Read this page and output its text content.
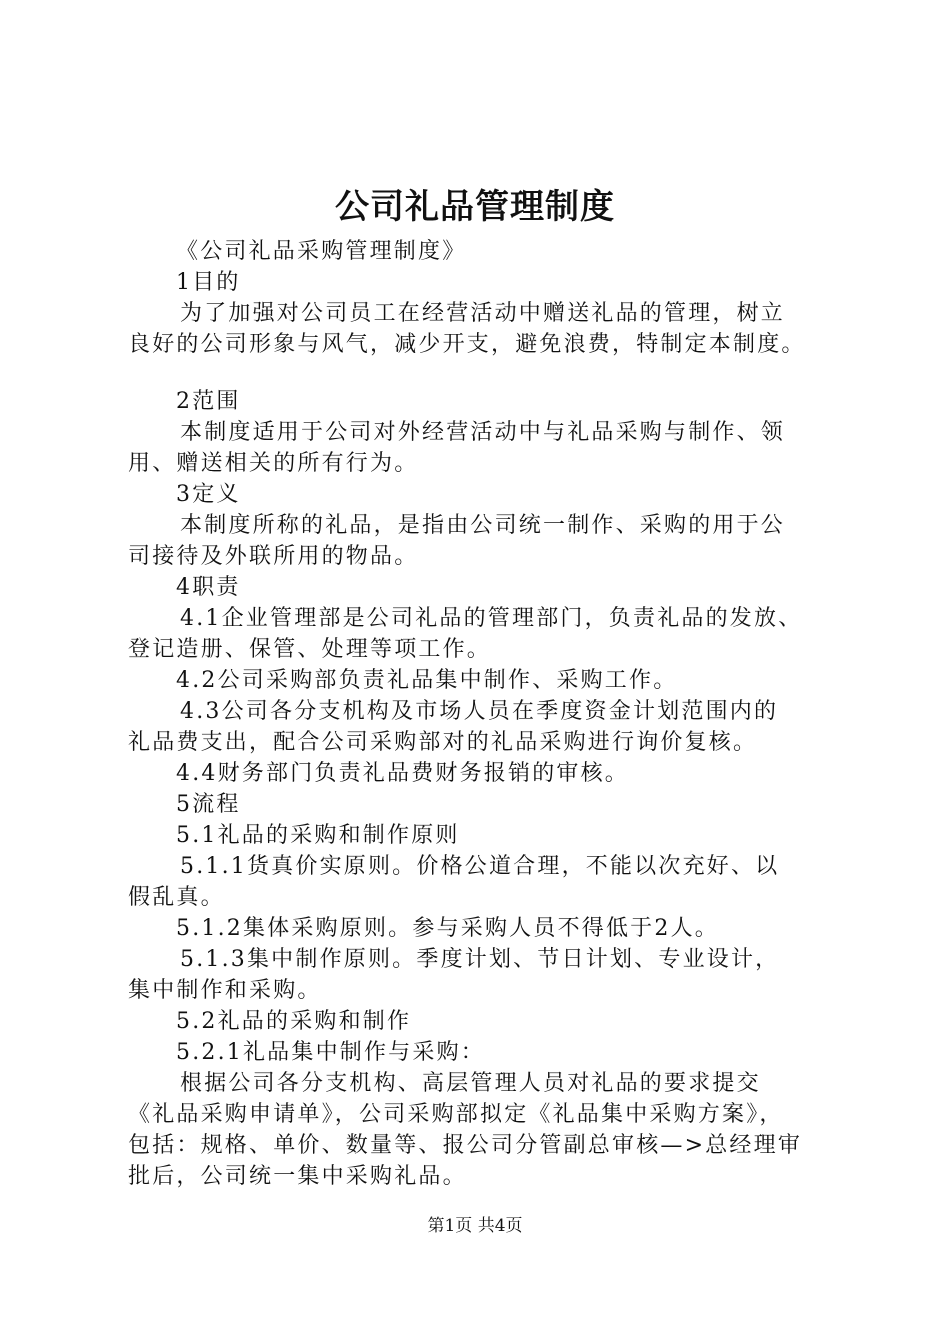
公司礼品管理制度
《公司礼品采购管理制度》
1目的
为了加强对公司员工在经营活动中赠送礼品的管理，树立
良好的公司形象与风气，减少开支，避免浪费，特制定本制度。
2范围
本制度适用于公司对外经营活动中与礼品采购与制作、领
用、赠送相关的所有行为。
3定义
本制度所称的礼品，是指由公司统一制作、采购的用于公
司接待及外联所用的物品。
4职责
4.1企业管理部是公司礼品的管理部门，负责礼品的发放、
登记造册、保管、处理等项工作。
4.2公司采购部负责礼品集中制作、采购工作。
4.3公司各分支机构及市场人员在季度资金计划范围内的
礼品费支出，配合公司采购部对的礼品采购进行询价复核。
4.4财务部门负责礼品费财务报销的审核。
5流程
5.1礼品的采购和制作原则
5.1.1货真价实原则。价格公道合理，不能以次充好、以
假乱真。
5.1.2集体采购原则。参与采购人员不得低于2人。
5.1.3集中制作原则。季度计划、节日计划、专业设计，
集中制作和采购。
5.2礼品的采购和制作
5.2.1礼品集中制作与采购：
根据公司各分支机构、高层管理人员对礼品的要求提交
《礼品采购申请单》，公司采购部拟定《礼品集中采购方案》，
包括：规格、单价、数量等、报公司分管副总审核—>总经理审
批后，公司统一集中采购礼品。
第1页 共4页
